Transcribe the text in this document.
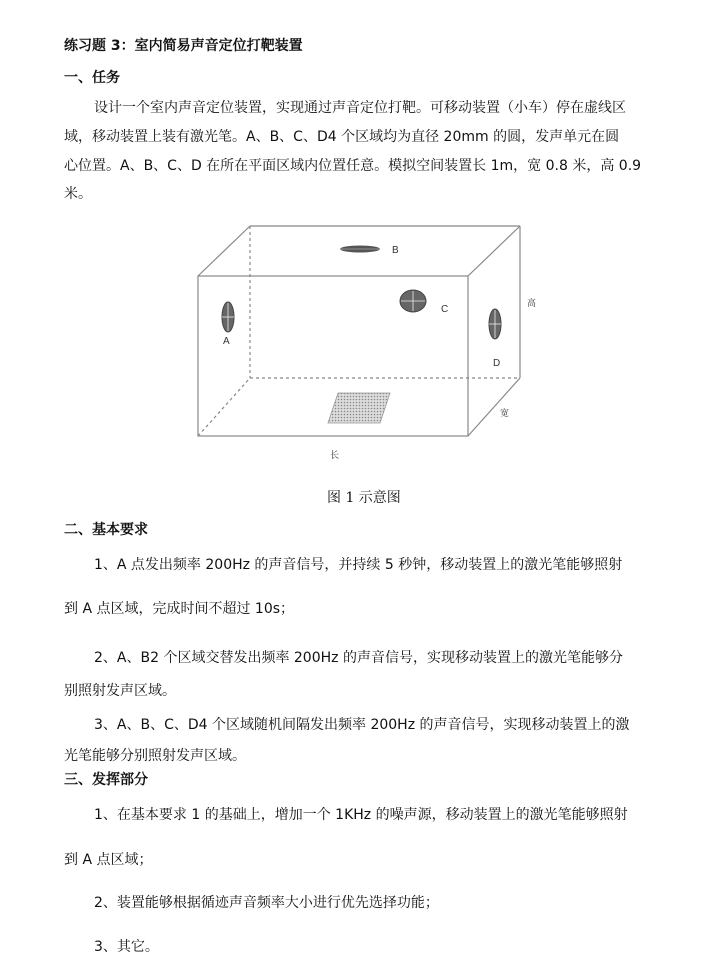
练习题 3：室内简易声音定位打靶装置
一、任务
设计一个室内声音定位装置，实现通过声音定位打靶。可移动装置（小车）停在虚线区
域，移动装置上装有激光笔。A、B、C、D4 个区域均为直径 20mm 的圆，发声单元在圆
心位置。A、B、C、D 在所在平面区域内位置任意。模拟空间装置长 1m，宽 0.8 米，高 0.9
米。
A
B
C
D
高
宽
长
图 1 示意图
二、基本要求
1、A 点发出频率 200Hz 的声音信号，并持续 5 秒钟，移动装置上的激光笔能够照射
到 A 点区域，完成时间不超过 10s；
2、A、B2 个区域交替发出频率 200Hz 的声音信号，实现移动装置上的激光笔能够分
别照射发声区域。
3、A、B、C、D4 个区域随机间隔发出频率 200Hz 的声音信号，实现移动装置上的激
光笔能够分别照射发声区域。
三、发挥部分
1、在基本要求 1 的基础上，增加一个 1KHz 的噪声源，移动装置上的激光笔能够照射
到 A 点区域；
2、装置能够根据循迹声音频率大小进行优先选择功能；
3、其它。
